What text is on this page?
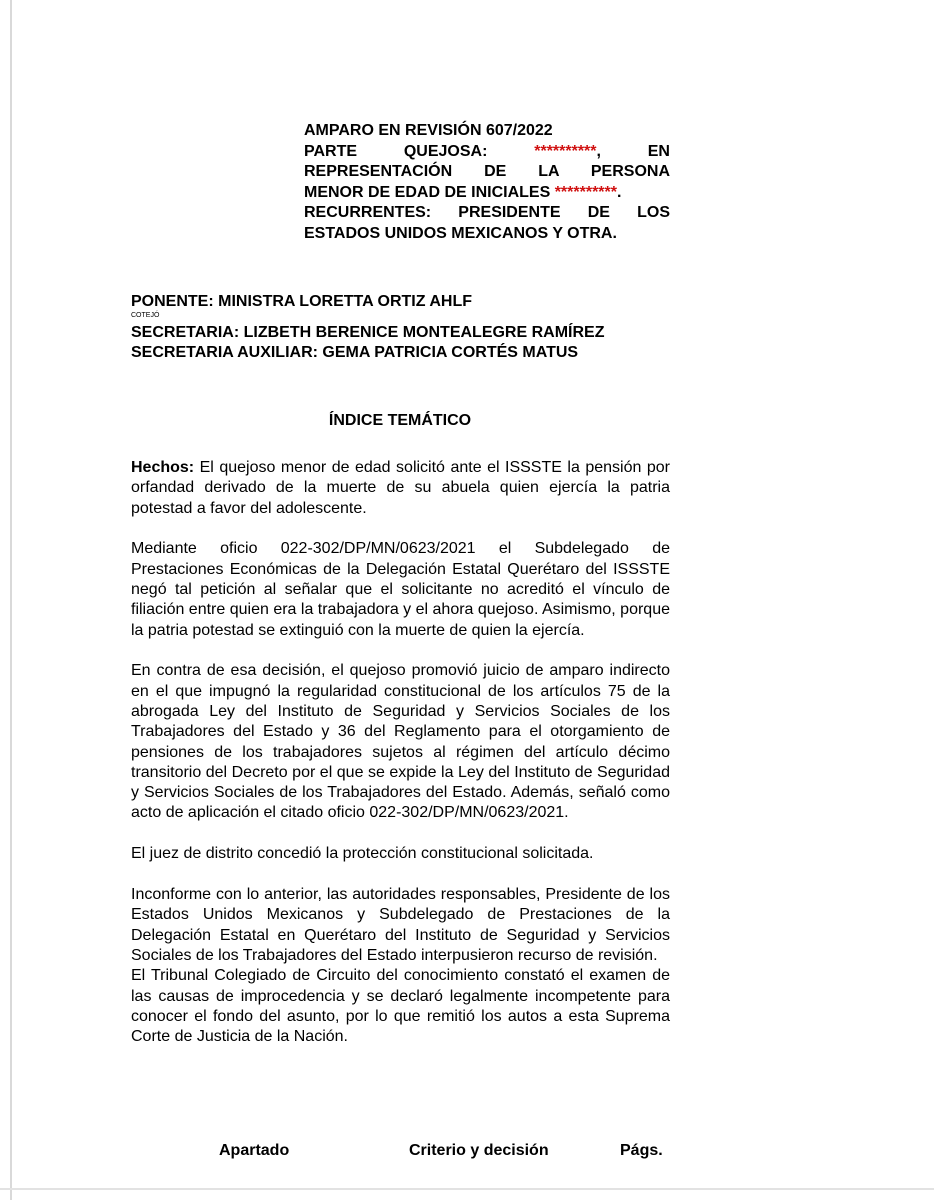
AMPARO EN REVISIÓN 607/2022
PARTE QUEJOSA:	**********, EN
REPRESENTACIÓN DE LA PERSONA
MENOR DE EDAD DE INICIALES **********.
RECURRENTES: PRESIDENTE DE LOS
ESTADOS UNIDOS MEXICANOS Y OTRA.
PONENTE: MINISTRA LORETTA ORTIZ AHLF
COTEJÓ
SECRETARIA: LIZBETH BERENICE MONTEALEGRE RAMÍREZ
SECRETARIA AUXILIAR: GEMA PATRICIA CORTÉS MATUS
ÍNDICE TEMÁTICO

Hechos: El quejoso menor de edad solicitó ante el ISSSTE la pensión por orfandad derivado de la muerte de su abuela quien ejercía la patria potestad a favor del adolescente.

Mediante oficio 022-302/DP/MN/0623/2021 el Subdelegado de Prestaciones Económicas de la Delegación Estatal Querétaro del ISSSTE negó tal petición al señalar que el solicitante no acreditó el vínculo de filiación entre quien era la trabajadora y el ahora quejoso. Asimismo, porque la patria potestad se extinguió con la muerte de quien la ejercía.

En contra de esa decisión, el quejoso promovió juicio de amparo indirecto en el que impugnó la regularidad constitucional de los artículos 75 de la abrogada Ley del Instituto de Seguridad y Servicios Sociales de los Trabajadores del Estado y 36 del Reglamento para el otorgamiento de pensiones de los trabajadores sujetos al régimen del artículo décimo transitorio del Decreto por el que se expide la Ley del Instituto de Seguridad y Servicios Sociales de los Trabajadores del Estado. Además, señaló como acto de aplicación el citado oficio 022-302/DP/MN/0623/2021.

El juez de distrito concedió la protección constitucional solicitada.

Inconforme con lo anterior, las autoridades responsables, Presidente de los Estados Unidos Mexicanos y Subdelegado de Prestaciones de la Delegación Estatal en Querétaro del Instituto de Seguridad y Servicios Sociales de los Trabajadores del Estado interpusieron recurso de revisión.

El Tribunal Colegiado de Circuito del conocimiento constató el examen de las causas de improcedencia y se declaró legalmente incompetente para conocer el fondo del asunto, por lo que remitió los autos a esta Suprema Corte de Justicia de la Nación.

Apartado	Criterio y decisión	Págs.
